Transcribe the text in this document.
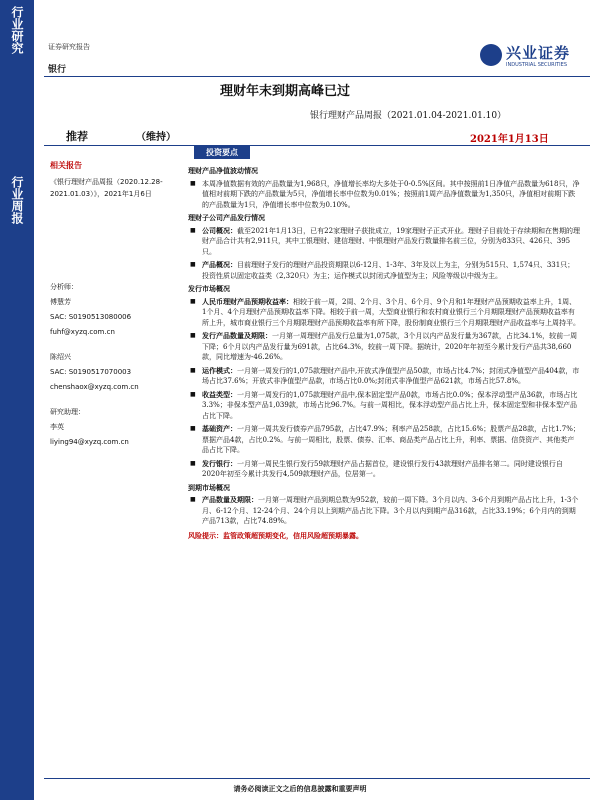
行业研究
行业周报
证券研究报告
银行
兴业证券
INDUSTRIAL SECURITIES
理财年末到期高峰已过
银行理财产品周报（2021.01.04-2021.01.10）
推荐	（维持）	2021年1月13日
投资要点
相关报告

《银行理财产品周报（2020.12.28-2021.01.03）》，2021年1月6日

分析师：

傅慧芳

SAC: S0190513080006

fuhf@xyzq.com.cn

陈绍兴

SAC: S0190517070003

chenshaox@xyzq.com.cn

研究助理：

李英

liying94@xyzq.com.cn

理财产品净值波动情况
■ 本周净值数据有效的产品数量为1,968只，净值增长率均大多处于0-0.5%区间。其中按照前1日净值产品数量为618只，净值相对前期下跌的产品数量为5只，净值增长率中位数为0.01%；按照前1周产品净值数量为1,350只，净值相对前期下跌的产品数量为1只，净值增长率中位数为0.10%。
理财子公司产品发行情况
■ 公司概况：截至2021年1月13日，已有22家理财子获批成立，19家理财子正式开业。理财子目前处于存续期和在售期的理财产品合计共有2,911只，其中工银理财、建信理财、中银理财产品发行数量排名前三位，分别为833只、426只、395只。
■ 产品概况：目前理财子发行的理财产品投资期限以6-12月、1-3年、3年及以上为主，分别为515只、1,574只、331只；投资性质以固定收益类（2,320只）为主；运作模式以封闭式净值型为主；风险等级以中级为主。
发行市场概况
■ 人民币理财产品预期收益率：相较于前一周，2周、2个月、3个月、6个月、9个月和1年理财产品预期收益率上升，1周、1个月、4个月理财产品预期收益率下降。相较于前一周，大型商业银行和农村商业银行三个月期限理财产品预期收益率有所上升，城市商业银行三个月期限理财产品预期收益率有所下降，股份制商业银行三个月期限理财产品收益率与上周持平。
■ 发行产品数量及期限：一月第一周理财产品发行总量为1,075款，3个月以内产品发行量为367款，占比34.1%，较前一周下降；6个月以内产品发行量为691款，占比64.3%，较前一周下降。据统计，2020年年初至今累计发行产品共38,660款，同比增速为-46.26%。
■ 运作模式：一月第一周发行的1,075款理财产品中,开放式净值型产品50款，市场占比4.7%；封闭式净值型产品404款，市场占比37.6%；开放式非净值型产品款，市场占比0.0%;封闭式非净值型产品621款，市场占比57.8%。
■ 收益类型：一月第一周发行的1,075款理财产品中,保本固定型产品0款，市场占比0.0%；保本浮动型产品36款，市场占比3.3%；非保本型产品1,039款，市场占比96.7%。与前一周相比，保本浮动型产品占比上升，保本固定型和非保本型产品占比下降。
■ 基础资产：一月第一周共发行债券产品795款，占比47.9%；利率产品258款，占比15.6%；股票产品28款，占比1.7%；票据产品4款，占比0.2%。与前一周相比，股票、债券、汇率、商品类产品占比上升，利率、票据、信贷资产、其他类产品占比下降。
■ 发行银行：一月第一周民生银行发行59款理财产品占据首位，建设银行发行43款理财产品排名第二。同时建设银行自2020年初至今累计共发行4,509款理财产品，位居第一。
到期市场概况
■ 产品数量及期限：一月第一周理财产品到期总数为952款，较前一周下降。3个月以内、3-6个月到期产品占比上升，1-3个月、6-12个月、12-24个月、24个月以上到期产品占比下降。3个月以内到期产品316款，占比33.19%；6个月内的到期产品713款，占比74.89%。
风险提示：监管政策超预期变化，信用风险超预期暴露。
请务必阅读正文之后的信息披露和重要声明
